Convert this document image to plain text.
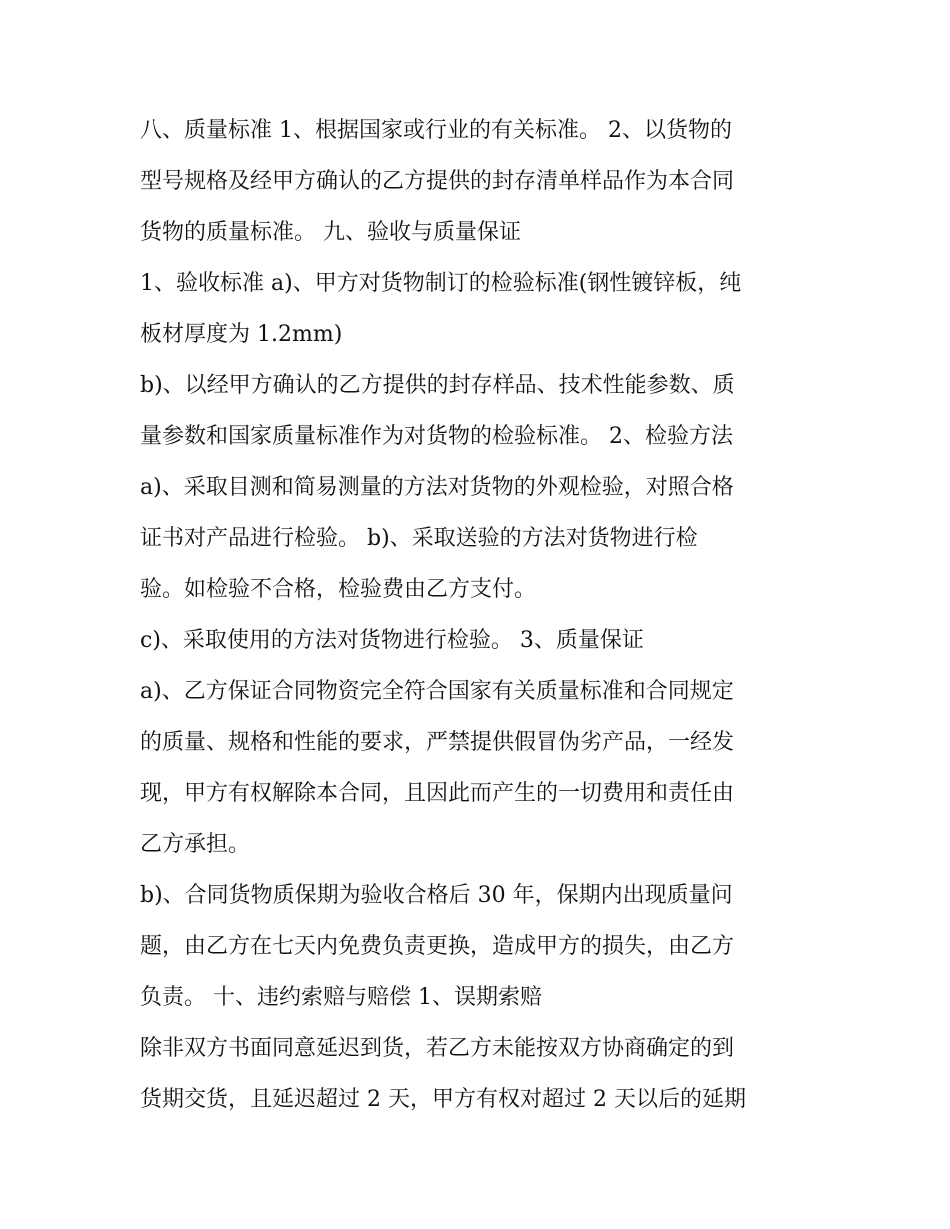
八、质量标准 1、根据国家或行业的有关标准。 2、以货物的
型号规格及经甲方确认的乙方提供的封存清单样品作为本合同
货物的质量标准。 九、验收与质量保证
1、验收标准 a)、甲方对货物制订的检验标准(钢性镀锌板，纯
板材厚度为 1.2mm)
b)、以经甲方确认的乙方提供的封存样品、技术性能参数、质
量参数和国家质量标准作为对货物的检验标准。 2、检验方法
a)、采取目测和简易测量的方法对货物的外观检验，对照合格
证书对产品进行检验。 b)、采取送验的方法对货物进行检
验。如检验不合格，检验费由乙方支付。
c)、采取使用的方法对货物进行检验。 3、质量保证
a)、乙方保证合同物资完全符合国家有关质量标准和合同规定
的质量、规格和性能的要求，严禁提供假冒伪劣产品，一经发
现，甲方有权解除本合同，且因此而产生的一切费用和责任由
乙方承担。
b)、合同货物质保期为验收合格后 30 年，保期内出现质量问
题，由乙方在七天内免费负责更换，造成甲方的损失，由乙方
负责。 十、违约索赔与赔偿 1、误期索赔
除非双方书面同意延迟到货，若乙方未能按双方协商确定的到
货期交货，且延迟超过 2 天，甲方有权对超过 2 天以后的延期
